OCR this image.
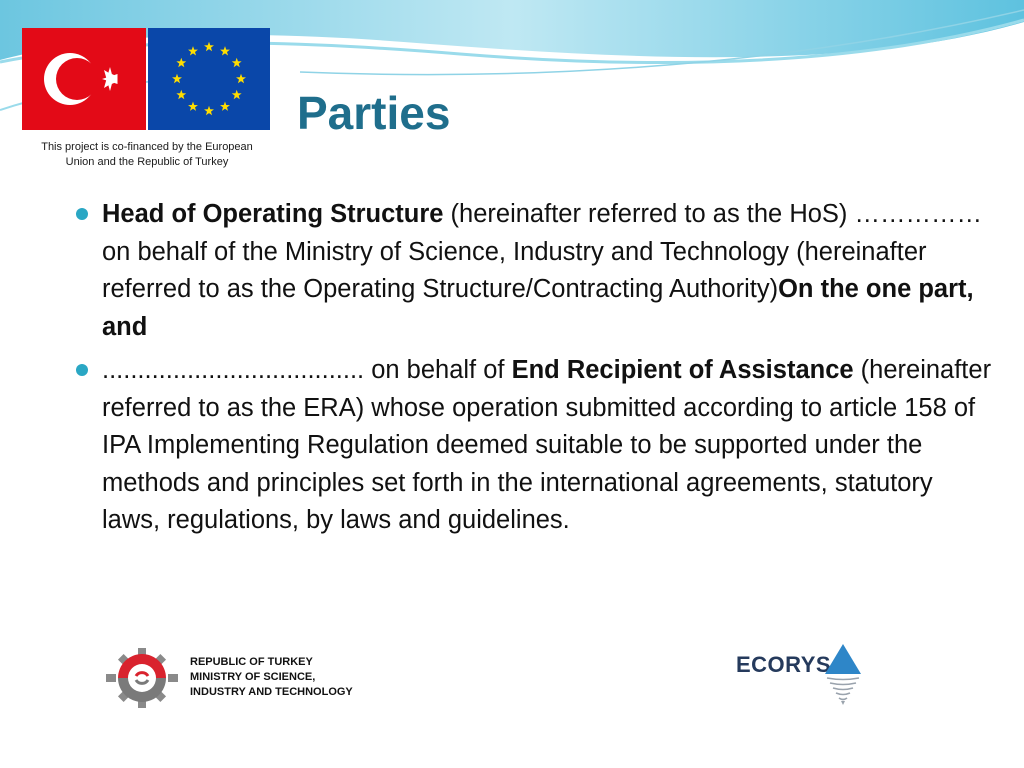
This project is co-financed by the European
Union and the Republic of Turkey
Parties
Head of Operating Structure (hereinafter referred to as the HoS) ……………on behalf of the Ministry of Science, Industry and Technology (hereinafter referred to as the Operating Structure/Contracting Authority)On the one part, and
..................................... on behalf of End Recipient of Assistance (hereinafter referred to as the ERA) whose operation submitted according to article 158 of IPA Implementing Regulation deemed suitable to be supported under the methods and principles set forth in the international agreements, statutory laws, regulations, by laws and guidelines.
REPUBLIC OF TURKEY
MINISTRY OF SCIENCE,
INDUSTRY AND TECHNOLOGY
ECORYS
